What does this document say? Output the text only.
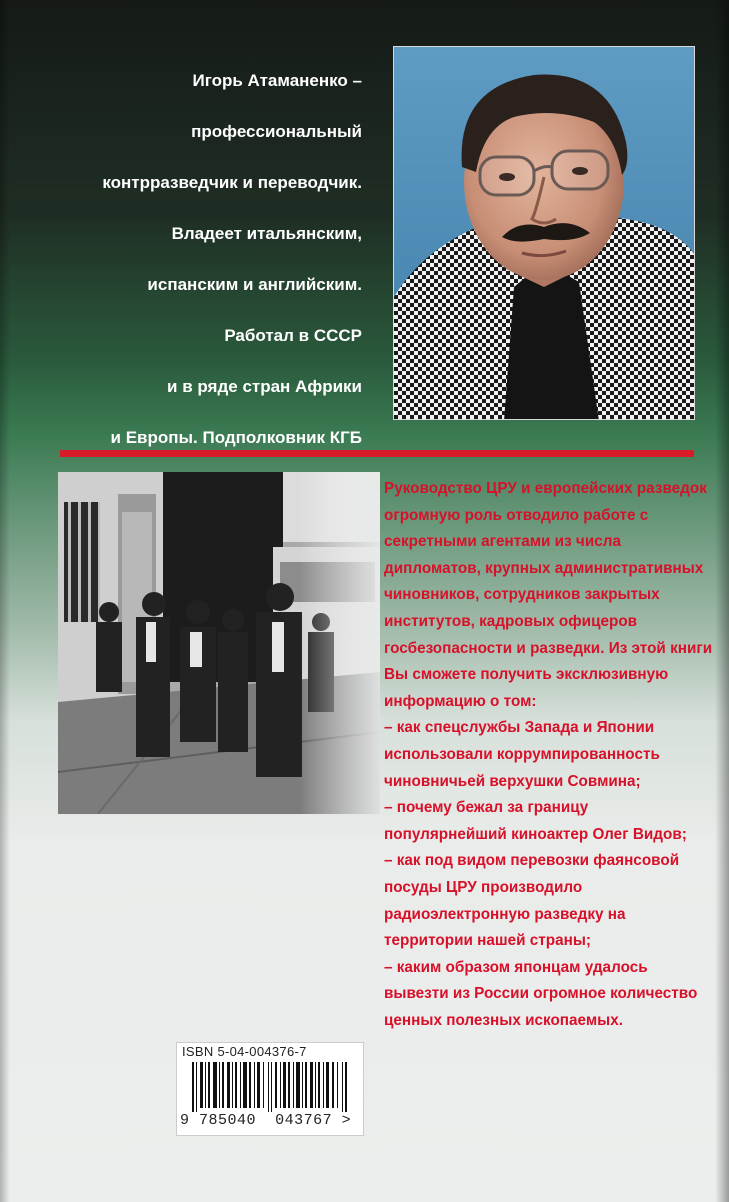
Игорь Атаманенко –

профессиональный

контрразведчик и переводчик.

Владеет итальянским,

испанским и английским.

Работал в СССР

и в ряде стран Африки

и Европы. Подполковник КГБ

Руководство ЦРУ и европейских разведок огромную роль отводило работе с секретными агентами из числа дипломатов, крупных административных чиновников, сотрудников закрытых институтов, кадровых офицеров госбезопасности и разведки. Из этой книги Вы сможете получить эксклюзивную информацию о том:

– как спецслужбы Запада и Японии использовали коррумпированность чиновничьей верхушки Совмина;

– почему бежал за границу популярнейший киноактер Олег Видов;

– как под видом перевозки фаянсовой посуды ЦРУ производило радиоэлектронную разведку на территории нашей страны;

– каким образом японцам удалось вывезти из России огромное количество ценных полезных ископаемых.

ISBN 5-04-004376-7
9 785040 043767 >
